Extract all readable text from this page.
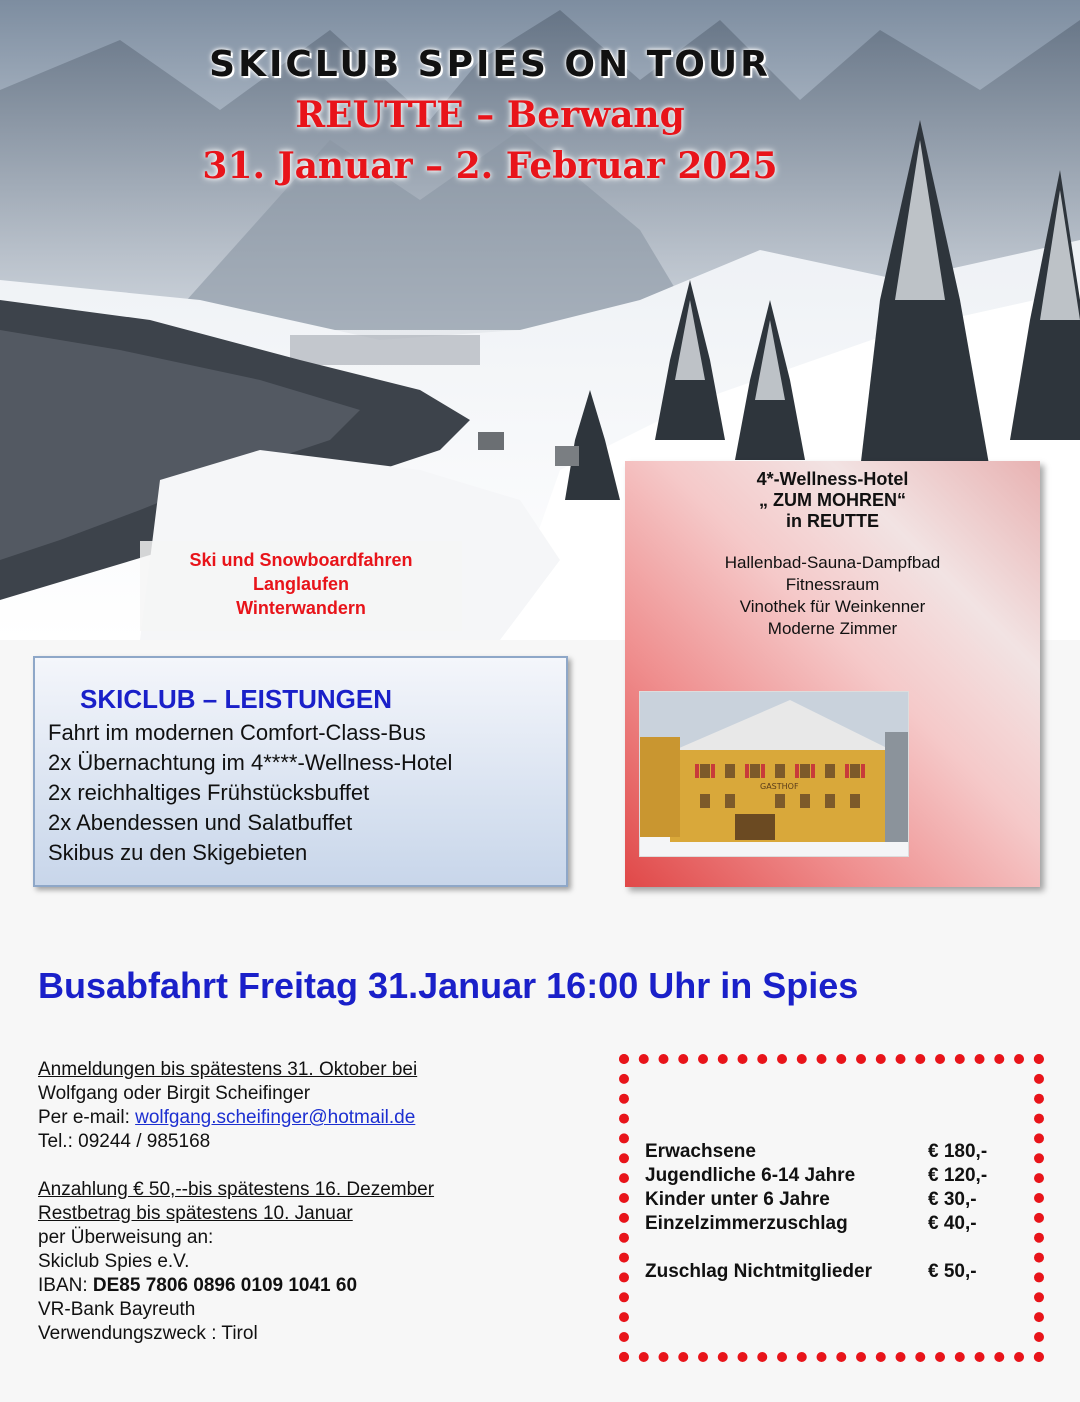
SKICLUB SPIES ON TOUR
REUTTE – Berwang
31. Januar – 2. Februar 2025
Ski und Snowboardfahren
Langlaufen
Winterwandern
4*-Wellness-Hotel
„ ZUM MOHREN“
in REUTTE
Hallenbad-Sauna-Dampfbad
Fitnessraum
Vinothek für Weinkenner
Moderne Zimmer
GASTHOF
SKICLUB – LEISTUNGEN
Fahrt im modernen Comfort-Class-Bus
2x Übernachtung im 4****-Wellness-Hotel
2x reichhaltiges Frühstücksbuffet
2x Abendessen und Salatbuffet
Skibus zu den Skigebieten
Busabfahrt Freitag 31.Januar 16:00 Uhr in Spies
Anmeldungen bis spätestens 31. Oktober bei
Wolfgang oder Birgit Scheifinger
Per e-mail: wolfgang.scheifinger@hotmail.de
Tel.: 09244 / 985168
Anzahlung € 50,--bis spätestens 16. Dezember
Restbetrag bis spätestens 10. Januar
per Überweisung an:
Skiclub Spies e.V.
IBAN: DE85 7806 0896 0109 1041 60
VR-Bank Bayreuth
Verwendungszweck : Tirol
Erwachsene	€ 180,-
Jugendliche 6-14 Jahre	€ 120,-
Kinder unter 6 Jahre	€ 30,-
Einzelzimmerzuschlag	€ 40,-

Zuschlag Nichtmitglieder	€ 50,-
